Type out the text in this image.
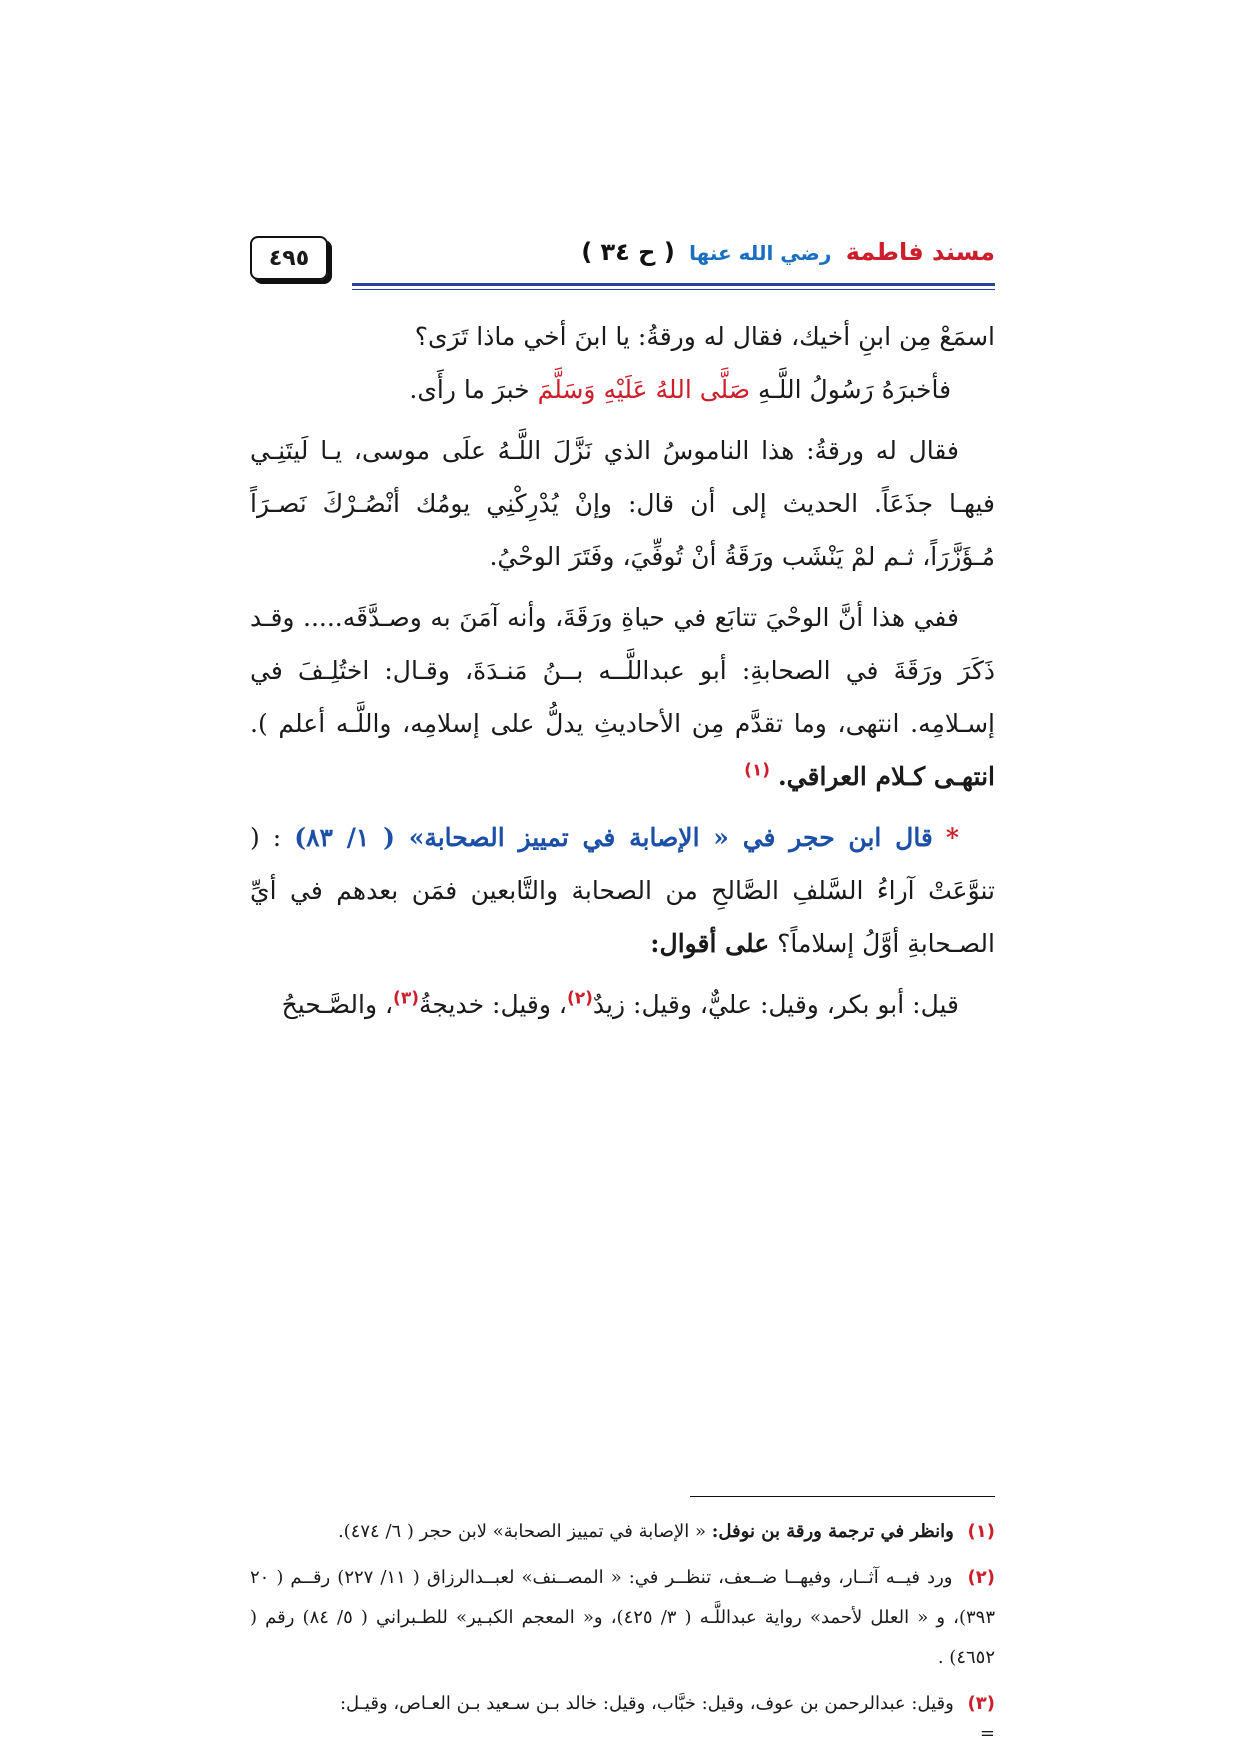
مسند فاطمة رضي الله عنها ( ح ٣٤ )
٤٩٥

اسمَعْ مِن ابنِ أخيك، فقال له ورقةُ: يا ابنَ أخي ماذا تَرَى؟
فأخبرَهُ رَسُولُ اللَّـهِ صَلَّى اللهُ عَلَيْهِ وَسَلَّمَ خبرَ ما رأَى.

فقال له ورقةُ: هذا الناموسُ الذي نَزَّلَ اللَّـهُ علَى موسى، يـا لَيتَنِـي فيهـا جذَعَاً. الحديث إلى أن قال: وإنْ يُدْرِكْنِي يومُك أنْصُـرْكَ نَصـرَاً مُـؤَزَّرَاً، ثـم لمْ يَنْشَب ورَقَةُ أنْ تُوفِّيَ، وفَتَرَ الوحْيُ.

ففي هذا أنَّ الوحْيَ تتابَع في حياةِ ورَقَةَ، وأنه آمَنَ به وصـدَّقَه..... وقـد ذَكَرَ ورَقَةَ في الصحابةِ: أبو عبداللَّــه بــنُ مَنـدَةَ، وقـال: اختُلِـفَ في إسـلامِه. انتهى، وما تقدَّم مِن الأحاديثِ يدلُّ على إسلامِه، واللَّـه أعلم ). انتهـى كـلام العراقي. $^{(١)}$

* قال ابن حجر في « الإصابة في تمييز الصحابة» ( ١/ ٨٣) : ( تنوَّعَتْ آراءُ السَّلفِ الصَّالحِ من الصحابة والتَّابعين فمَن بعدهم في أيِّ الصـحابةِ أوَّلُ إسلاماً؟ على أقوال:

قيل: أبو بكر، وقيل: عليٌّ، وقيل: زيدٌ$^{(٢)}$، وقيل: خديجةُ$^{(٣)}$، والصَّـحيحُ

(١) وانظر في ترجمة ورقة بن نوفل: « الإصابة في تمييز الصحابة» لابن حجر ( ٦/ ٤٧٤).
(٢) ورد فيــه آثــار، وفيهــا ضــعف، تنظــر في: « المصــنف» لعبــدالرزاق ( ١١/ ٢٢٧) رقــم ( ٢٠ ٣٩٣)، و « العلل لأحمد» رواية عبداللَّـه ( ٣/ ٤٢٥)، و« المعجم الكبـير» للطـبراني ( ٥/ ٨٤) رقم ( ٤٦٥٢) .
(٣) وقيل: عبدالرحمن بن عوف، وقيل: خبَّاب، وقيل: خالد بـن سـعيد بـن العـاص، وقيـل:
=
